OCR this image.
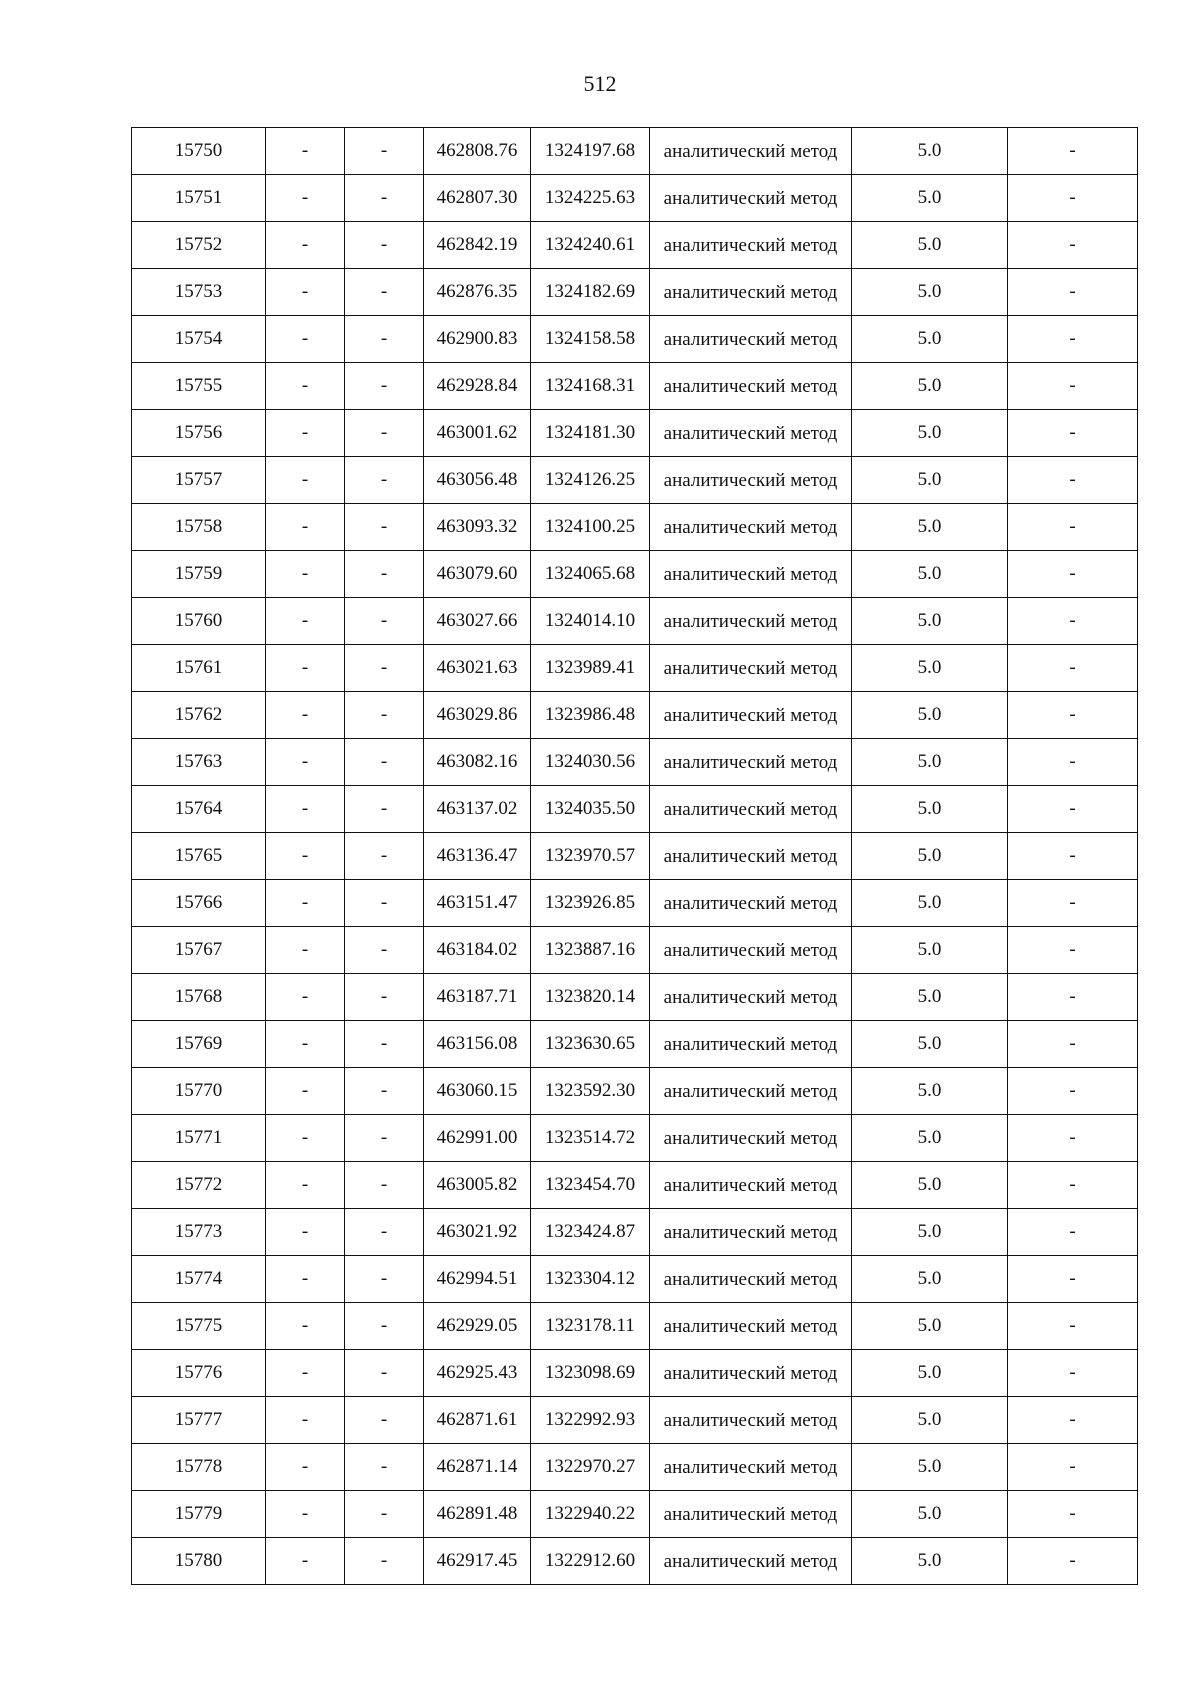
512
15750	-	-	462808.76	1324197.68	аналитический метод	5.0	-
15751	-	-	462807.30	1324225.63	аналитический метод	5.0	-
15752	-	-	462842.19	1324240.61	аналитический метод	5.0	-
15753	-	-	462876.35	1324182.69	аналитический метод	5.0	-
15754	-	-	462900.83	1324158.58	аналитический метод	5.0	-
15755	-	-	462928.84	1324168.31	аналитический метод	5.0	-
15756	-	-	463001.62	1324181.30	аналитический метод	5.0	-
15757	-	-	463056.48	1324126.25	аналитический метод	5.0	-
15758	-	-	463093.32	1324100.25	аналитический метод	5.0	-
15759	-	-	463079.60	1324065.68	аналитический метод	5.0	-
15760	-	-	463027.66	1324014.10	аналитический метод	5.0	-
15761	-	-	463021.63	1323989.41	аналитический метод	5.0	-
15762	-	-	463029.86	1323986.48	аналитический метод	5.0	-
15763	-	-	463082.16	1324030.56	аналитический метод	5.0	-
15764	-	-	463137.02	1324035.50	аналитический метод	5.0	-
15765	-	-	463136.47	1323970.57	аналитический метод	5.0	-
15766	-	-	463151.47	1323926.85	аналитический метод	5.0	-
15767	-	-	463184.02	1323887.16	аналитический метод	5.0	-
15768	-	-	463187.71	1323820.14	аналитический метод	5.0	-
15769	-	-	463156.08	1323630.65	аналитический метод	5.0	-
15770	-	-	463060.15	1323592.30	аналитический метод	5.0	-
15771	-	-	462991.00	1323514.72	аналитический метод	5.0	-
15772	-	-	463005.82	1323454.70	аналитический метод	5.0	-
15773	-	-	463021.92	1323424.87	аналитический метод	5.0	-
15774	-	-	462994.51	1323304.12	аналитический метод	5.0	-
15775	-	-	462929.05	1323178.11	аналитический метод	5.0	-
15776	-	-	462925.43	1323098.69	аналитический метод	5.0	-
15777	-	-	462871.61	1322992.93	аналитический метод	5.0	-
15778	-	-	462871.14	1322970.27	аналитический метод	5.0	-
15779	-	-	462891.48	1322940.22	аналитический метод	5.0	-
15780	-	-	462917.45	1322912.60	аналитический метод	5.0	-
